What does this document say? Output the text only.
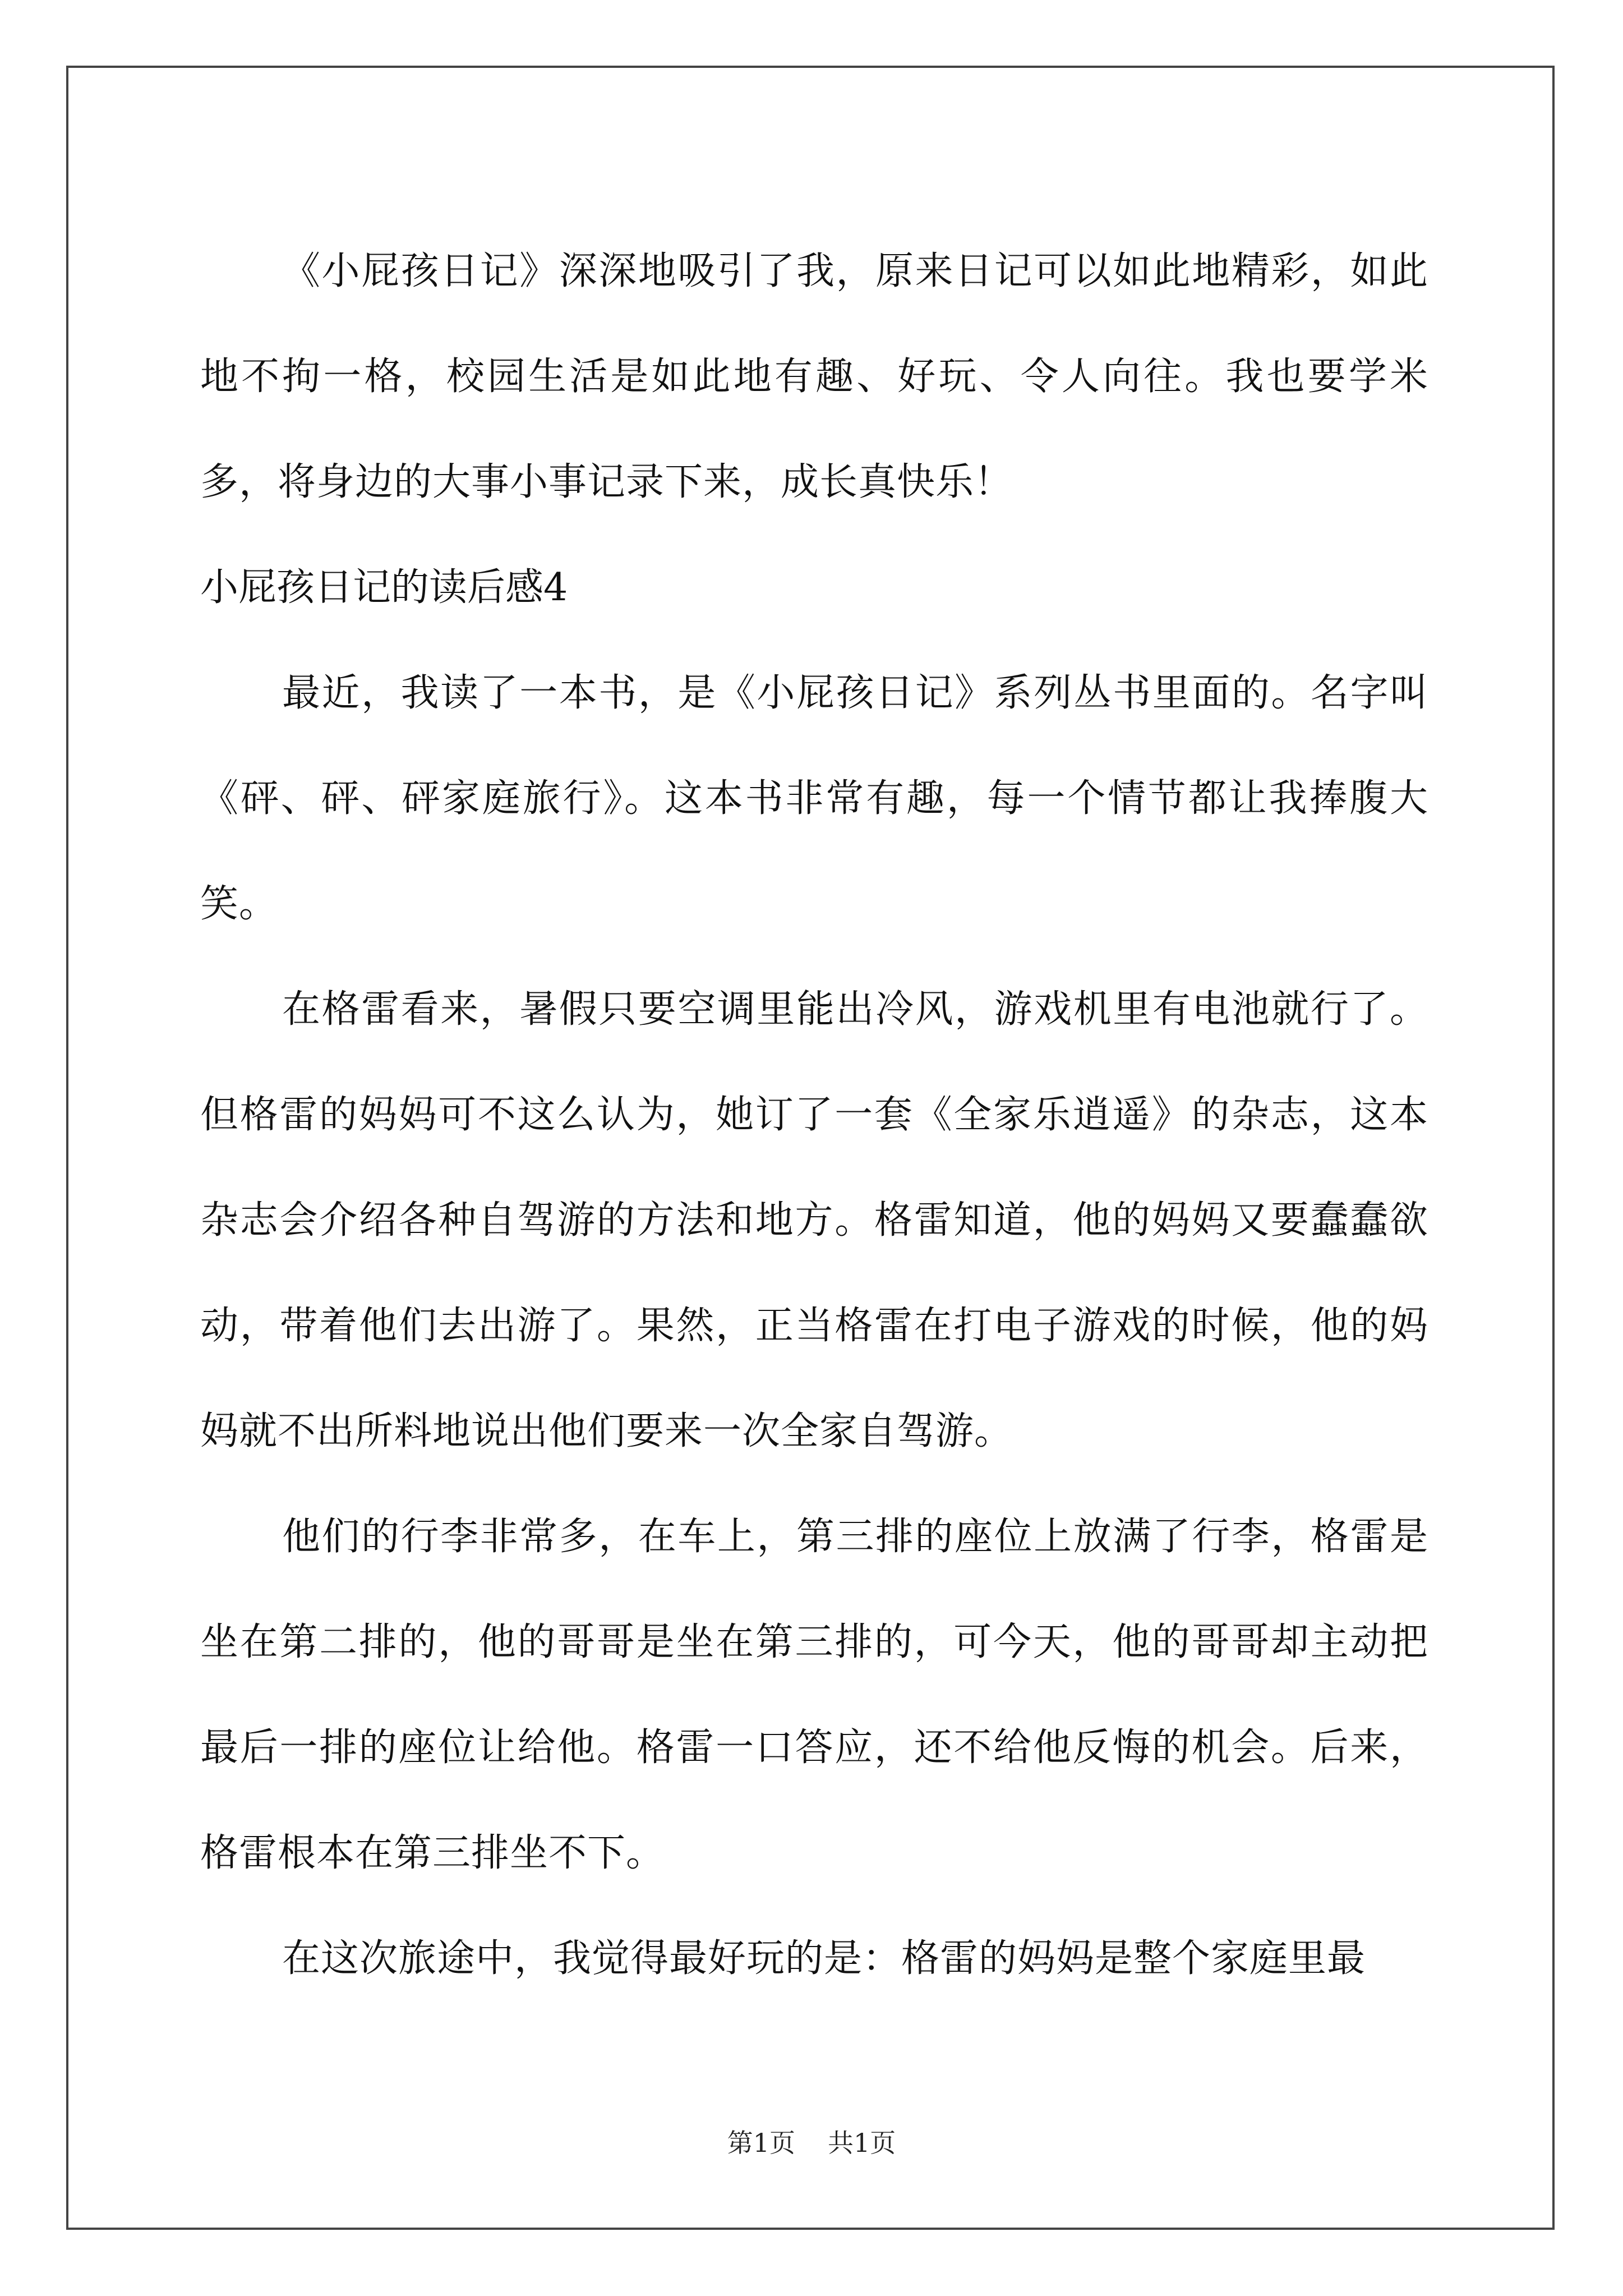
《小屁孩日记》深深地吸引了我，原来日记可以如此地精彩，如此地不拘一格，校园生活是如此地有趣、好玩、令人向往。我也要学米多，将身边的大事小事记录下来，成长真快乐！

小屁孩日记的读后感4

最近，我读了一本书，是《小屁孩日记》系列丛书里面的。名字叫《砰、砰、砰家庭旅行》。这本书非常有趣，每一个情节都让我捧腹大笑。

在格雷看来，暑假只要空调里能出冷风，游戏机里有电池就行了。但格雷的妈妈可不这么认为，她订了一套《全家乐逍遥》的杂志，这本杂志会介绍各种自驾游的方法和地方。格雷知道，他的妈妈又要蠢蠢欲动，带着他们去出游了。果然，正当格雷在打电子游戏的时候，他的妈妈就不出所料地说出他们要来一次全家自驾游。

他们的行李非常多，在车上，第三排的座位上放满了行李，格雷是坐在第二排的，他的哥哥是坐在第三排的，可今天，他的哥哥却主动把最后一排的座位让给他。格雷一口答应，还不给他反悔的机会。后来，格雷根本在第三排坐不下。

在这次旅途中，我觉得最好玩的是：格雷的妈妈是整个家庭里最

第1页 共1页
